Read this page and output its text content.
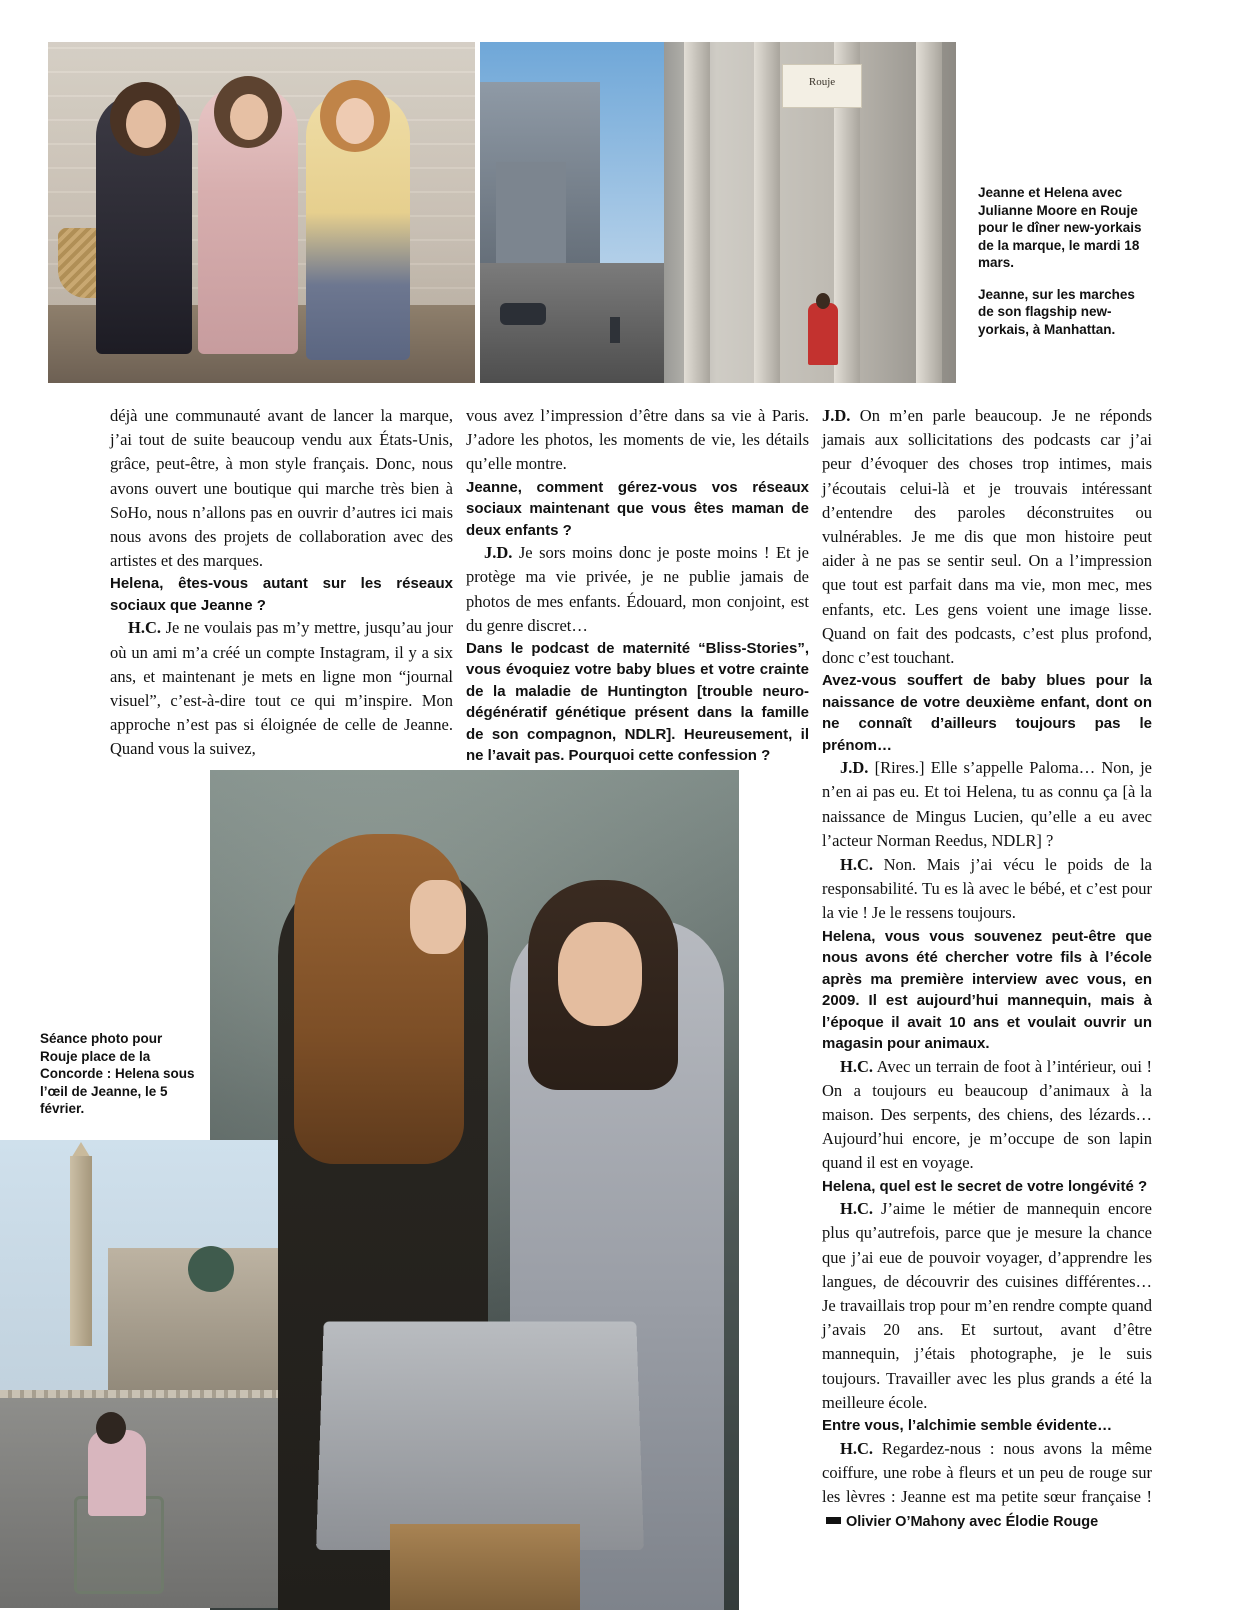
Rouje
Jeanne et Helena avec Julianne Moore en Rouje pour le dîner new-yorkais de la marque, le mardi 18 mars.
Jeanne, sur les marches de son flagship new-yorkais, à Manhattan.
Séance photo pour Rouje place de la Concorde : Helena sous l’œil de Jeanne, le 5 février.

déjà une communauté avant de lancer la marque, j’ai tout de suite beaucoup vendu aux États-Unis, grâce, peut-être, à mon style français. Donc, nous avons ouvert une boutique qui marche très bien à SoHo, nous n’allons pas en ouvrir d’autres ici mais nous avons des projets de collaboration avec des artistes et des marques.

Helena, êtes-vous autant sur les réseaux sociaux que Jeanne ?

H.C. Je ne voulais pas m’y mettre, jusqu’au jour où un ami m’a créé un compte Instagram, il y a six ans, et maintenant je mets en ligne mon “journal visuel”, c’est-à-dire tout ce qui m’inspire. Mon approche n’est pas si éloignée de celle de Jeanne. Quand vous la suivez,

vous avez l’impression d’être dans sa vie à Paris. J’adore les photos, les moments de vie, les détails qu’elle montre.

Jeanne, comment gérez-vous vos réseaux sociaux maintenant que vous êtes maman de deux enfants ?

J.D. Je sors moins donc je poste moins ! Et je protège ma vie privée, je ne publie jamais de photos de mes enfants. Édouard, mon conjoint, est du genre discret…

Dans le podcast de maternité “Bliss-Stories”, vous évoquiez votre baby blues et votre crainte de la maladie de Huntington [trouble neuro-dégénératif génétique présent dans la famille de son compagnon, NDLR]. Heureusement, il ne l’avait pas. Pourquoi cette confession ?

J.D. On m’en parle beaucoup. Je ne réponds jamais aux sollicitations des podcasts car j’ai peur d’évoquer des choses trop intimes, mais j’écoutais celui-là et je trouvais intéressant d’entendre des paroles déconstruites ou vulnérables. Je me dis que mon histoire peut aider à ne pas se sentir seul. On a l’impression que tout est parfait dans ma vie, mon mec, mes enfants, etc. Les gens voient une image lisse. Quand on fait des podcasts, c’est plus profond, donc c’est touchant.

Avez-vous souffert de baby blues pour la naissance de votre deuxième enfant, dont on ne connaît d’ailleurs toujours pas le prénom…

J.D. [Rires.] Elle s’appelle Paloma… Non, je n’en ai pas eu. Et toi Helena, tu as connu ça [à la naissance de Mingus Lucien, qu’elle a eu avec l’acteur Norman Reedus, NDLR] ?

H.C. Non. Mais j’ai vécu le poids de la responsabilité. Tu es là avec le bébé, et c’est pour la vie ! Je le ressens toujours.

Helena, vous vous souvenez peut-être que nous avons été chercher votre fils à l’école après ma première interview avec vous, en 2009. Il est aujourd’hui mannequin, mais à l’époque il avait 10 ans et voulait ouvrir un magasin pour animaux.

H.C. Avec un terrain de foot à l’intérieur, oui ! On a toujours eu beaucoup d’animaux à la maison. Des serpents, des chiens, des lézards… Aujourd’hui encore, je m’occupe de son lapin quand il est en voyage.

Helena, quel est le secret de votre longévité ?

H.C. J’aime le métier de mannequin encore plus qu’autrefois, parce que je mesure la chance que j’ai eue de pouvoir voyager, d’apprendre les langues, de découvrir des cuisines différentes… Je travaillais trop pour m’en rendre compte quand j’avais 20 ans. Et surtout, avant d’être mannequin, j’étais photographe, je le suis toujours. Travailler avec les plus grands a été la meilleure école.

Entre vous, l’alchimie semble évidente…

H.C. Regardez-nous : nous avons la même coiffure, une robe à fleurs et un peu de rouge sur les lèvres : Jeanne est ma petite sœur française !Olivier O’Mahony avec Élodie Rouge
